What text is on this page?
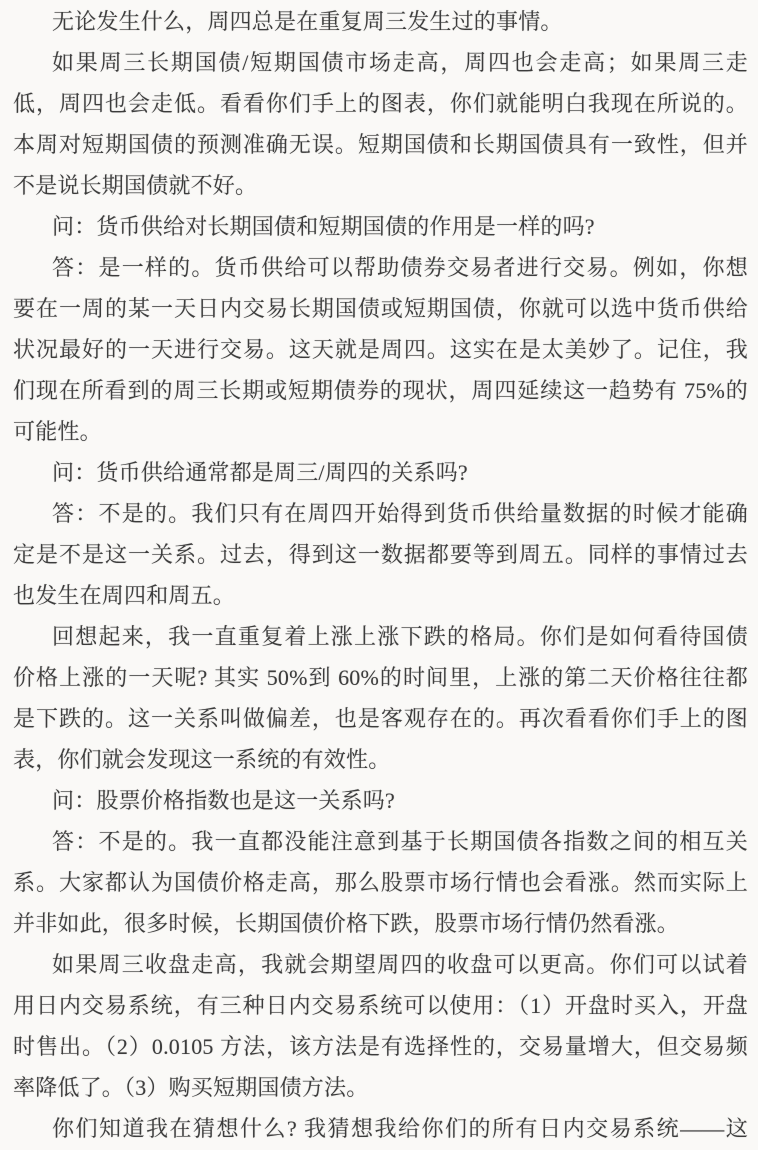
无论发生什么，周四总是在重复周三发生过的事情。
如果周三长期国债/短期国债市场走高，周四也会走高；如果周三走
低，周四也会走低。看看你们手上的图表，你们就能明白我现在所说的。
本周对短期国债的预测准确无误。短期国债和长期国债具有一致性，但并
不是说长期国债就不好。
问：货币供给对长期国债和短期国债的作用是一样的吗?
答：是一样的。货币供给可以帮助债券交易者进行交易。例如，你想
要在一周的某一天日内交易长期国债或短期国债，你就可以选中货币供给
状况最好的一天进行交易。这天就是周四。这实在是太美妙了。记住，我
们现在所看到的周三长期或短期债券的现状，周四延续这一趋势有 75%的
可能性。
问：货币供给通常都是周三/周四的关系吗?
答：不是的。我们只有在周四开始得到货币供给量数据的时候才能确
定是不是这一关系。过去，得到这一数据都要等到周五。同样的事情过去
也发生在周四和周五。
回想起来，我一直重复着上涨上涨下跌的格局。你们是如何看待国债
价格上涨的一天呢? 其实 50%到 60%的时间里，上涨的第二天价格往往都
是下跌的。这一关系叫做偏差，也是客观存在的。再次看看你们手上的图
表，你们就会发现这一系统的有效性。
问：股票价格指数也是这一关系吗?
答：不是的。我一直都没能注意到基于长期国债各指数之间的相互关
系。大家都认为国债价格走高，那么股票市场行情也会看涨。然而实际上
并非如此，很多时候，长期国债价格下跌，股票市场行情仍然看涨。
如果周三收盘走高，我就会期望周四的收盘可以更高。你们可以试着
用日内交易系统，有三种日内交易系统可以使用：（1）开盘时买入，开盘
时售出。（2）0.0105 方法，该方法是有选择性的，交易量增大，但交易频
率降低了。（3）购买短期国债方法。
你们知道我在猜想什么? 我猜想我给你们的所有日内交易系统——这
